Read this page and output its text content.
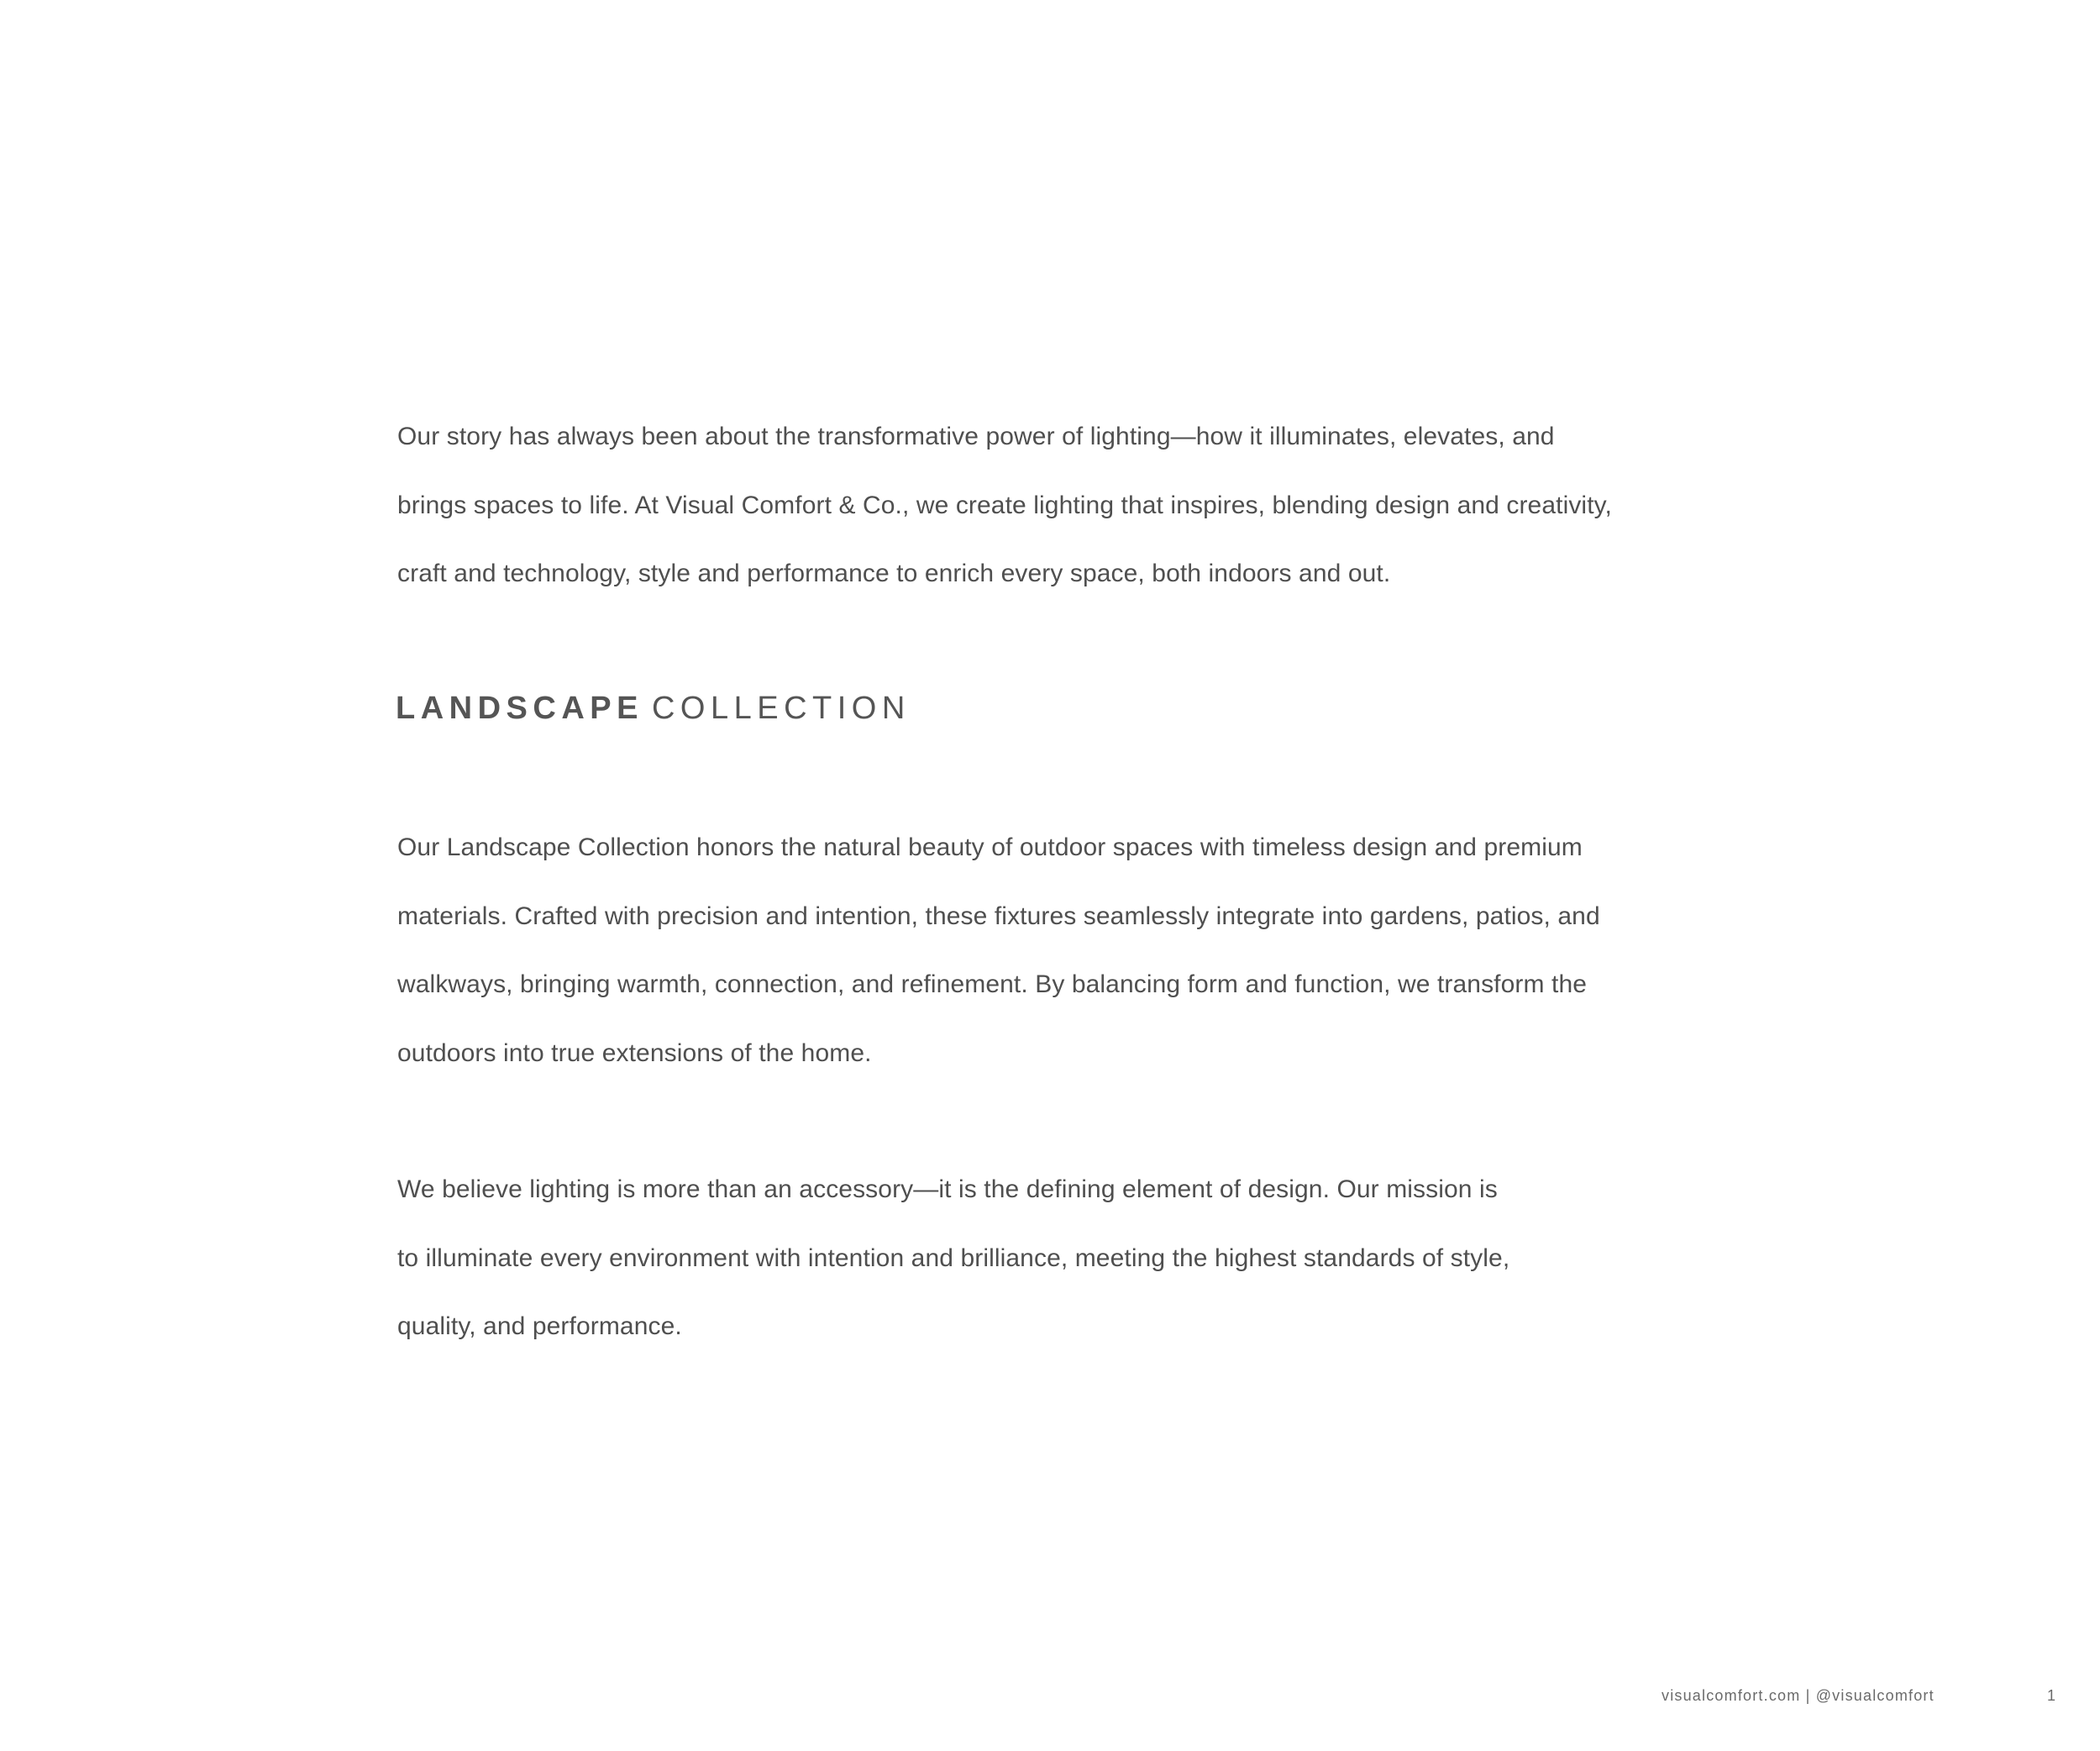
Our story has always been about the transformative power of lighting—how it illuminates, elevates, and
brings spaces to life. At Visual Comfort & Co., we create lighting that inspires, blending design and creativity,
craft and technology, style and performance to enrich every space, both indoors and out.

LANDSCAPE COLLECTION

Our Landscape Collection honors the natural beauty of outdoor spaces with timeless design and premium
materials. Crafted with precision and intention, these fixtures seamlessly integrate into gardens, patios, and
walkways, bringing warmth, connection, and refinement. By balancing form and function, we transform the
outdoors into true extensions of the home.

We believe lighting is more than an accessory—it is the defining element of design. Our mission is
to illuminate every environment with intention and brilliance, meeting the highest standards of style,
quality, and performance.

visualcomfort.com | @visualcomfort	1
